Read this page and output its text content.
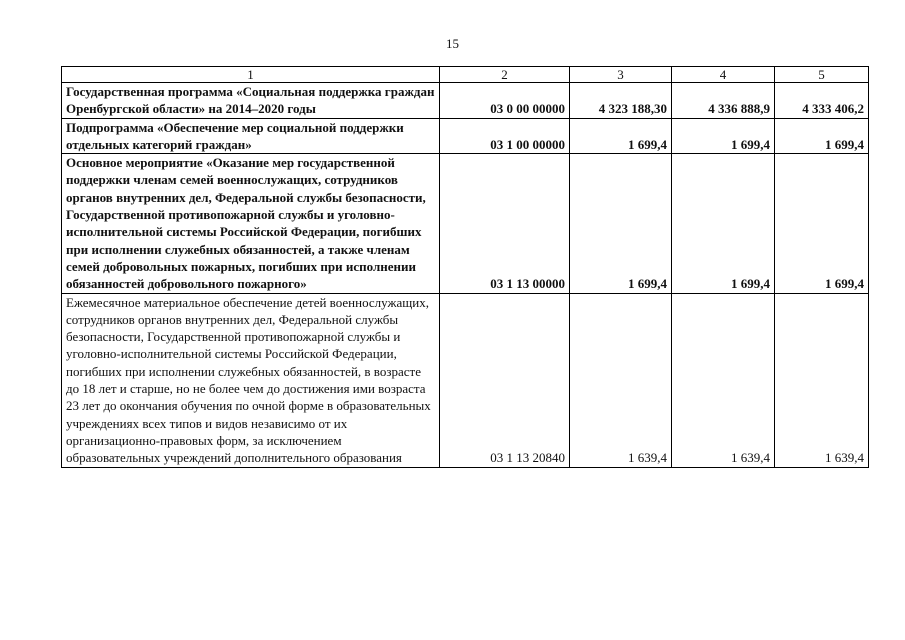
15
1	2	3	4	5
Государственная программа «Социальная поддержка граждан Оренбургской области» на 2014–2020 годы	03 0 00 00000	4 323 188,30	4 336 888,9	4 333 406,2
Подпрограмма «Обеспечение мер социальной поддержки отдельных категорий граждан»	03 1 00 00000	1 699,4	1 699,4	1 699,4
Основное мероприятие «Оказание мер государственной поддержки членам семей военнослужащих, сотрудников органов внутренних дел, Федеральной службы безопасности, Государственной противопожарной службы и уголовно-исполнительной системы Российской Федерации, погибших при исполнении служебных обязанностей, а также членам семей добровольных пожарных, погибших при исполнении обязанностей добровольного пожарного»	03 1 13 00000	1 699,4	1 699,4	1 699,4
Ежемесячное материальное обеспечение детей военнослужащих, сотрудников органов внутренних дел, Федеральной службы безопасности, Государственной противопожарной службы и уголовно-исполнительной системы Российской Федерации, погибших при исполнении служебных обязанностей, в возрасте до 18 лет и старше, но не более чем до достижения ими возраста 23 лет до окончания обучения по очной форме в образовательных учреждениях всех типов и видов независимо от их организационно-правовых форм, за исключением образовательных учреждений дополнительного образования	03 1 13 20840	1 639,4	1 639,4	1 639,4
